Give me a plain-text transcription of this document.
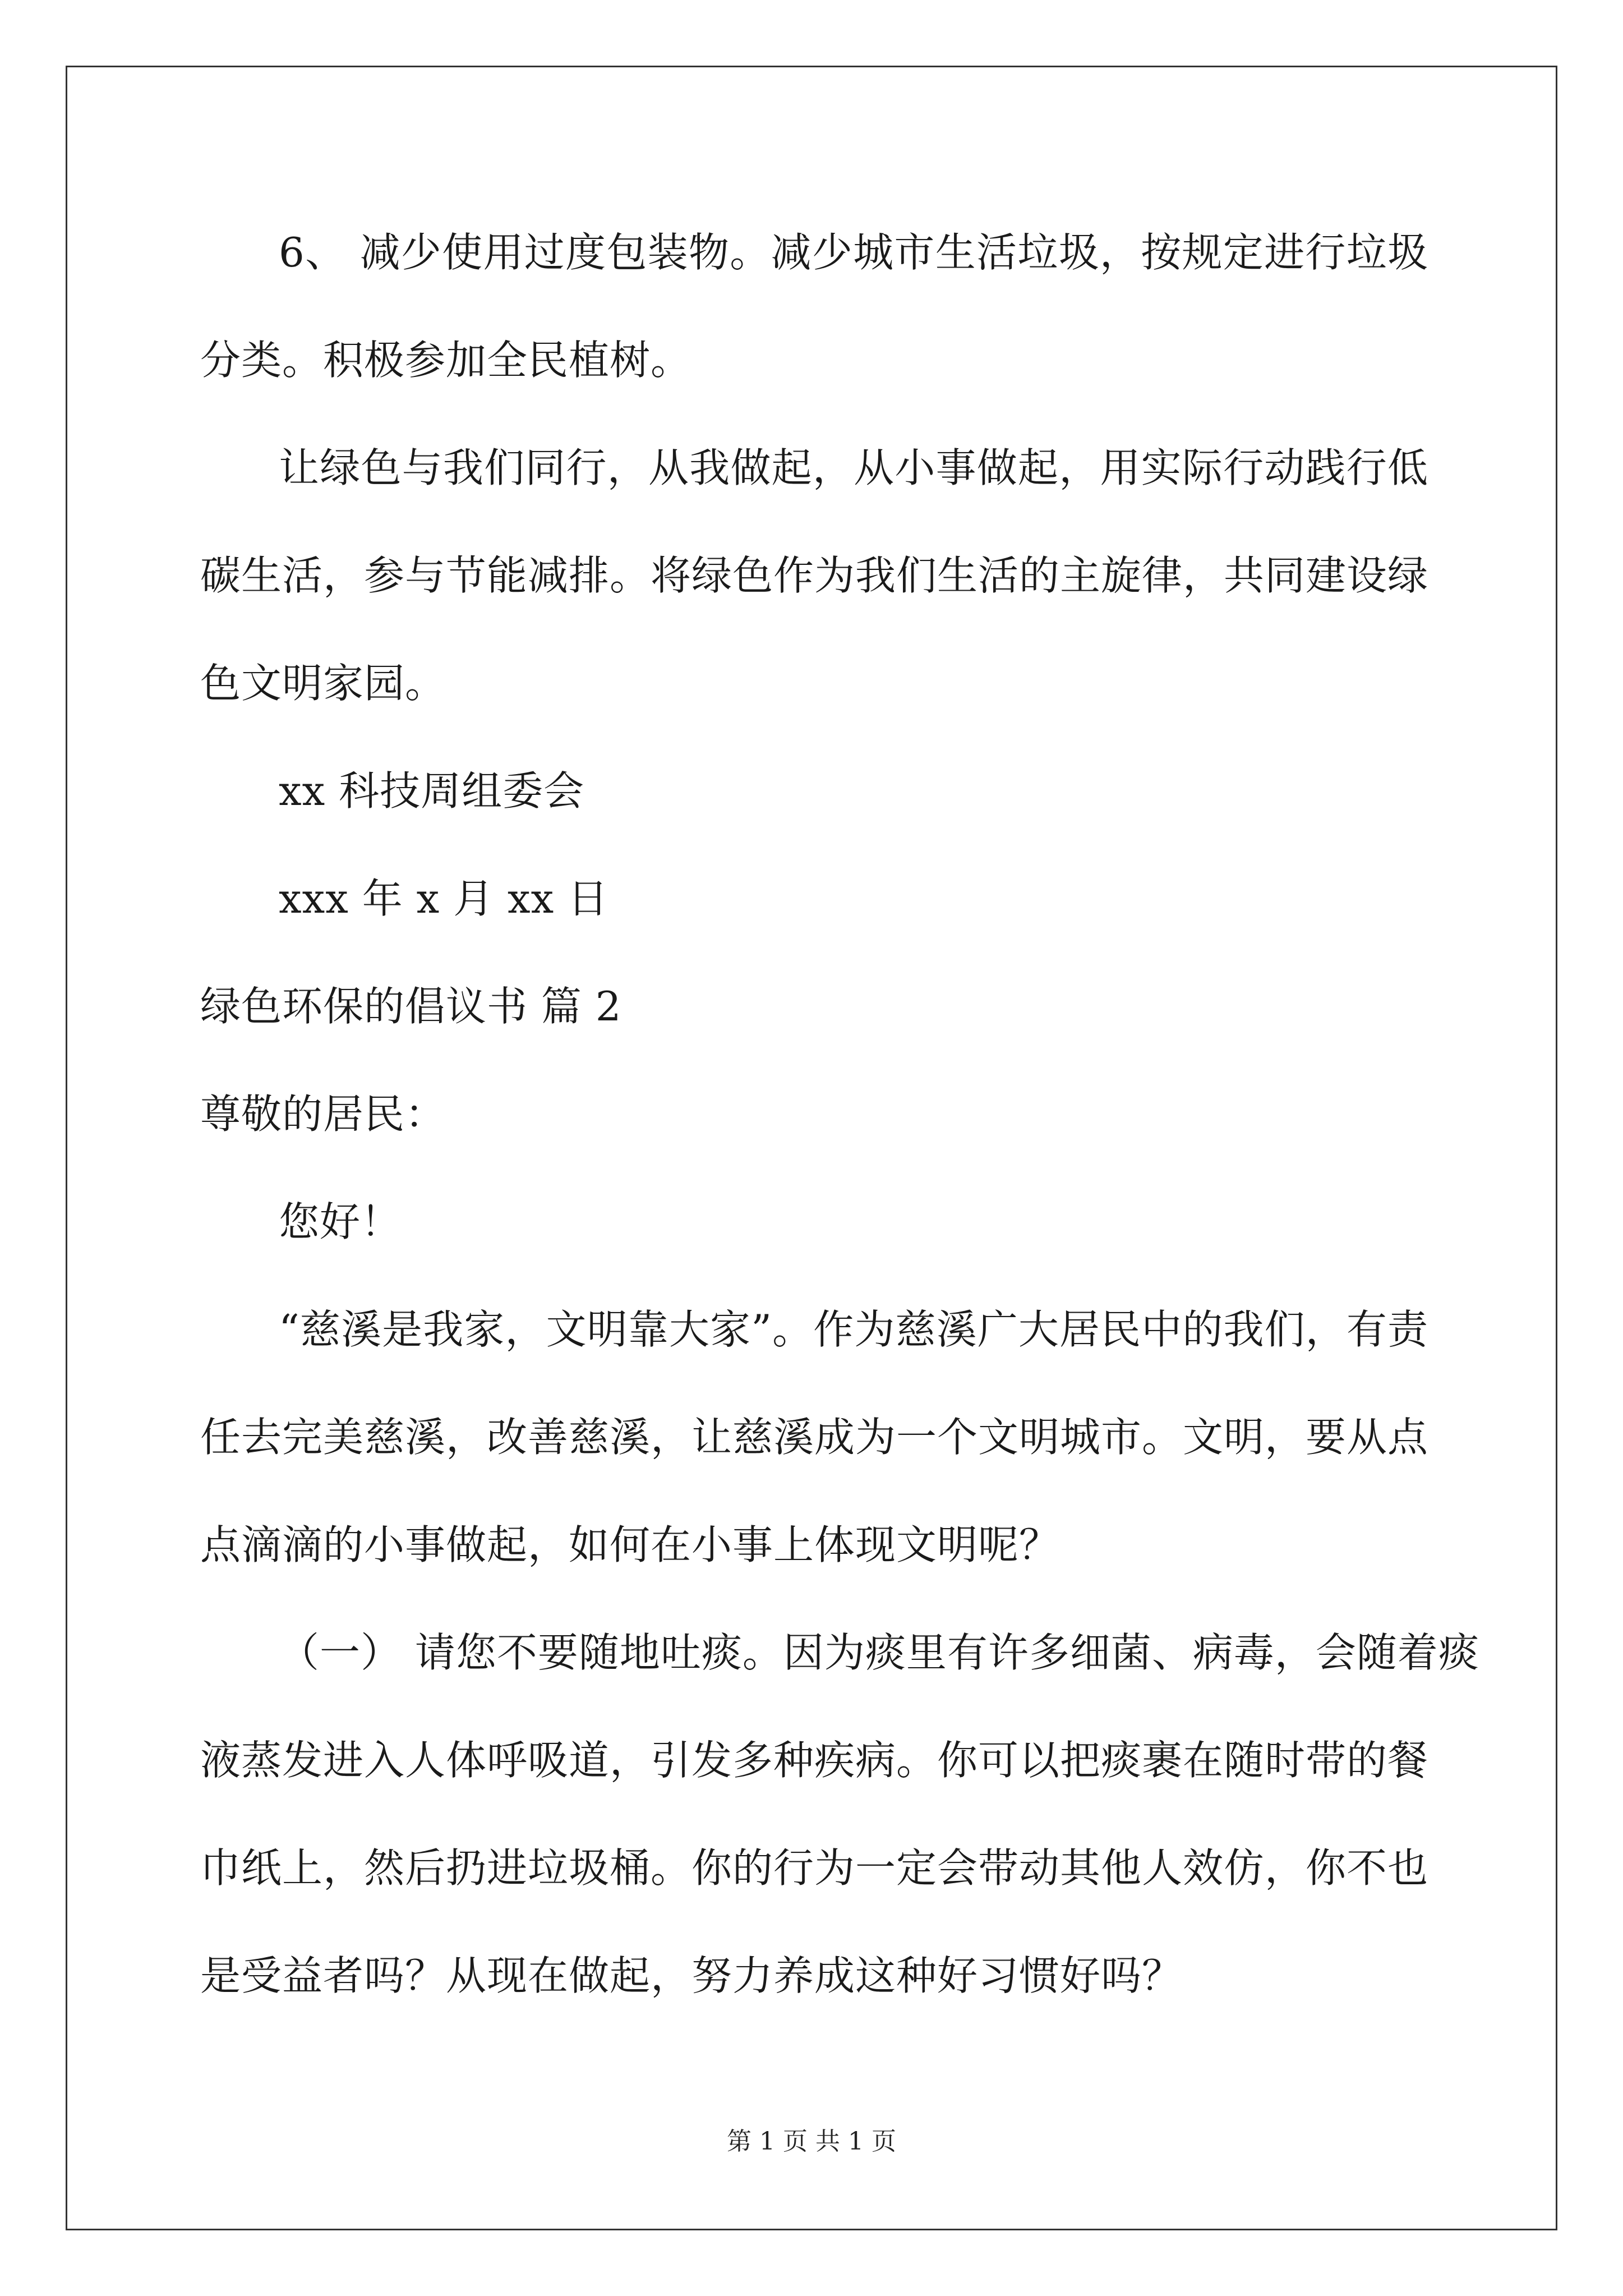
6、 减少使用过度包装物。减少城市生活垃圾，按规定进行垃圾
分类。积极参加全民植树。
让绿色与我们同行，从我做起，从小事做起，用实际行动践行低
碳生活，参与节能减排。将绿色作为我们生活的主旋律，共同建设绿
色文明家园。
xx 科技周组委会
xxx 年 x 月 xx 日
绿色环保的倡议书 篇 2
尊敬的居民：
您好！
“慈溪是我家，文明靠大家”。作为慈溪广大居民中的我们，有责
任去完美慈溪，改善慈溪，让慈溪成为一个文明城市。文明，要从点
点滴滴的小事做起，如何在小事上体现文明呢？
（一） 请您不要随地吐痰。因为痰里有许多细菌、病毒，会随着痰
液蒸发进入人体呼吸道，引发多种疾病。你可以把痰裹在随时带的餐
巾纸上，然后扔进垃圾桶。你的行为一定会带动其他人效仿，你不也
是受益者吗？从现在做起，努力养成这种好习惯好吗？
第 1 页 共 1 页
